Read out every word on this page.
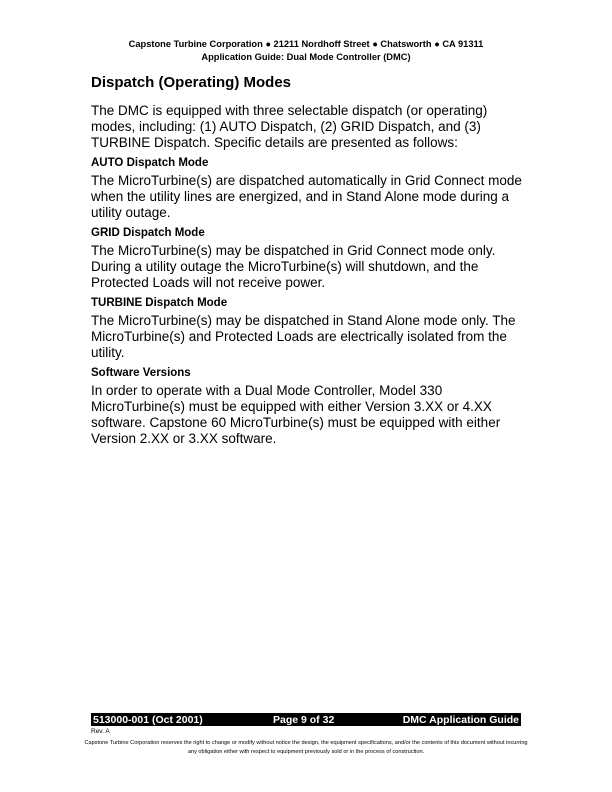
Capstone Turbine Corporation ● 21211 Nordhoff Street ● Chatsworth ● CA 91311
Application Guide: Dual Mode Controller (DMC)
Dispatch (Operating) Modes

The DMC is equipped with three selectable dispatch (or operating) modes, including: (1) AUTO Dispatch, (2) GRID Dispatch, and (3) TURBINE Dispatch. Specific details are presented as follows:

AUTO Dispatch Mode

The MicroTurbine(s) are dispatched automatically in Grid Connect mode when the utility lines are energized, and in Stand Alone mode during a utility outage.

GRID Dispatch Mode

The MicroTurbine(s) may be dispatched in Grid Connect mode only. During a utility outage the MicroTurbine(s) will shutdown, and the Protected Loads will not receive power.

TURBINE Dispatch Mode

The MicroTurbine(s) may be dispatched in Stand Alone mode only. The MicroTurbine(s) and Protected Loads are electrically isolated from the utility.

Software Versions

In order to operate with a Dual Mode Controller, Model 330 MicroTurbine(s) must be equipped with either Version 3.XX or 4.XX software. Capstone 60 MicroTurbine(s) must be equipped with either Version 2.XX or 3.XX software.

513000-001 (Oct 2001)	Page 9 of 32	DMC Application Guide
Rev. A
Capstone Turbine Corporation reserves the right to change or modify without notice the design, the equipment specifications, and/or the contents of this document without incurring any obligation either with respect to equipment previously sold or in the process of construction.
